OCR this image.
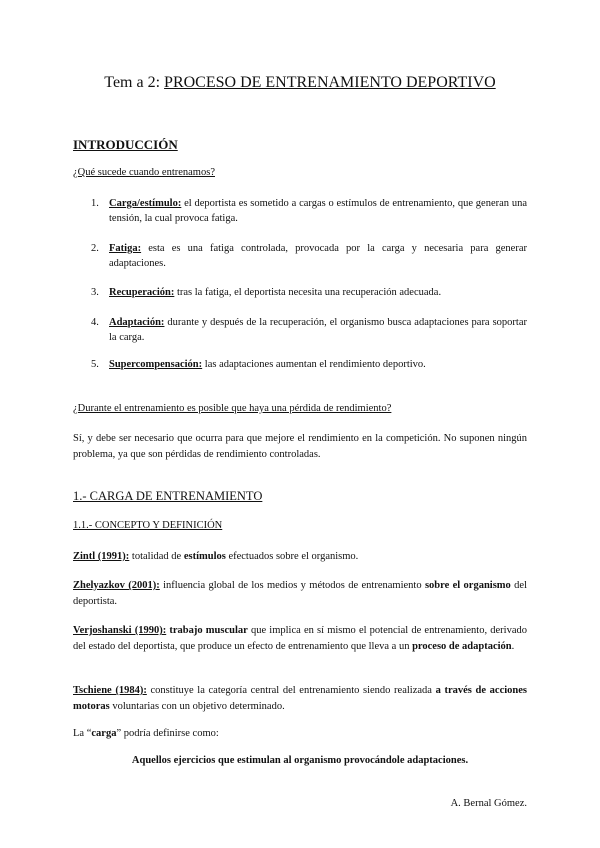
Tem a 2: PROCESO DE ENTRENAMIENTO DEPORTIVO
INTRODUCCIÓN
¿Qué sucede cuando entrenamos?
1. Carga/estímulo: el deportista es sometido a cargas o estímulos de entrenamiento, que generan una tensión, la cual provoca fatiga.
2. Fatiga: esta es una fatiga controlada, provocada por la carga y necesaria para generar adaptaciones.
3. Recuperación: tras la fatiga, el deportista necesita una recuperación adecuada.
4. Adaptación: durante y después de la recuperación, el organismo busca adaptaciones para soportar la carga.
5. Supercompensación: las adaptaciones aumentan el rendimiento deportivo.
¿Durante el entrenamiento es posible que haya una pérdida de rendimiento?
Sí, y debe ser necesario que ocurra para que mejore el rendimiento en la competición. No suponen ningún problema, ya que son pérdidas de rendimiento controladas.
1.- CARGA DE ENTRENAMIENTO
1.1.- CONCEPTO Y DEFINICIÓN
Zintl (1991): totalidad de estímulos efectuados sobre el organismo.
Zhelyazkov (2001): influencia global de los medios y métodos de entrenamiento sobre el organismo del deportista.
Verjoshanski (1990): trabajo muscular que implica en sí mismo el potencial de entrenamiento, derivado del estado del deportista, que produce un efecto de entrenamiento que lleva a un proceso de adaptación.
Tschiene (1984): constituye la categoría central del entrenamiento siendo realizada a través de acciones motoras voluntarias con un objetivo determinado.
La “carga” podría definirse como:
Aquellos ejercicios que estimulan al organismo provocándole adaptaciones.
A. Bernal Gómez.
